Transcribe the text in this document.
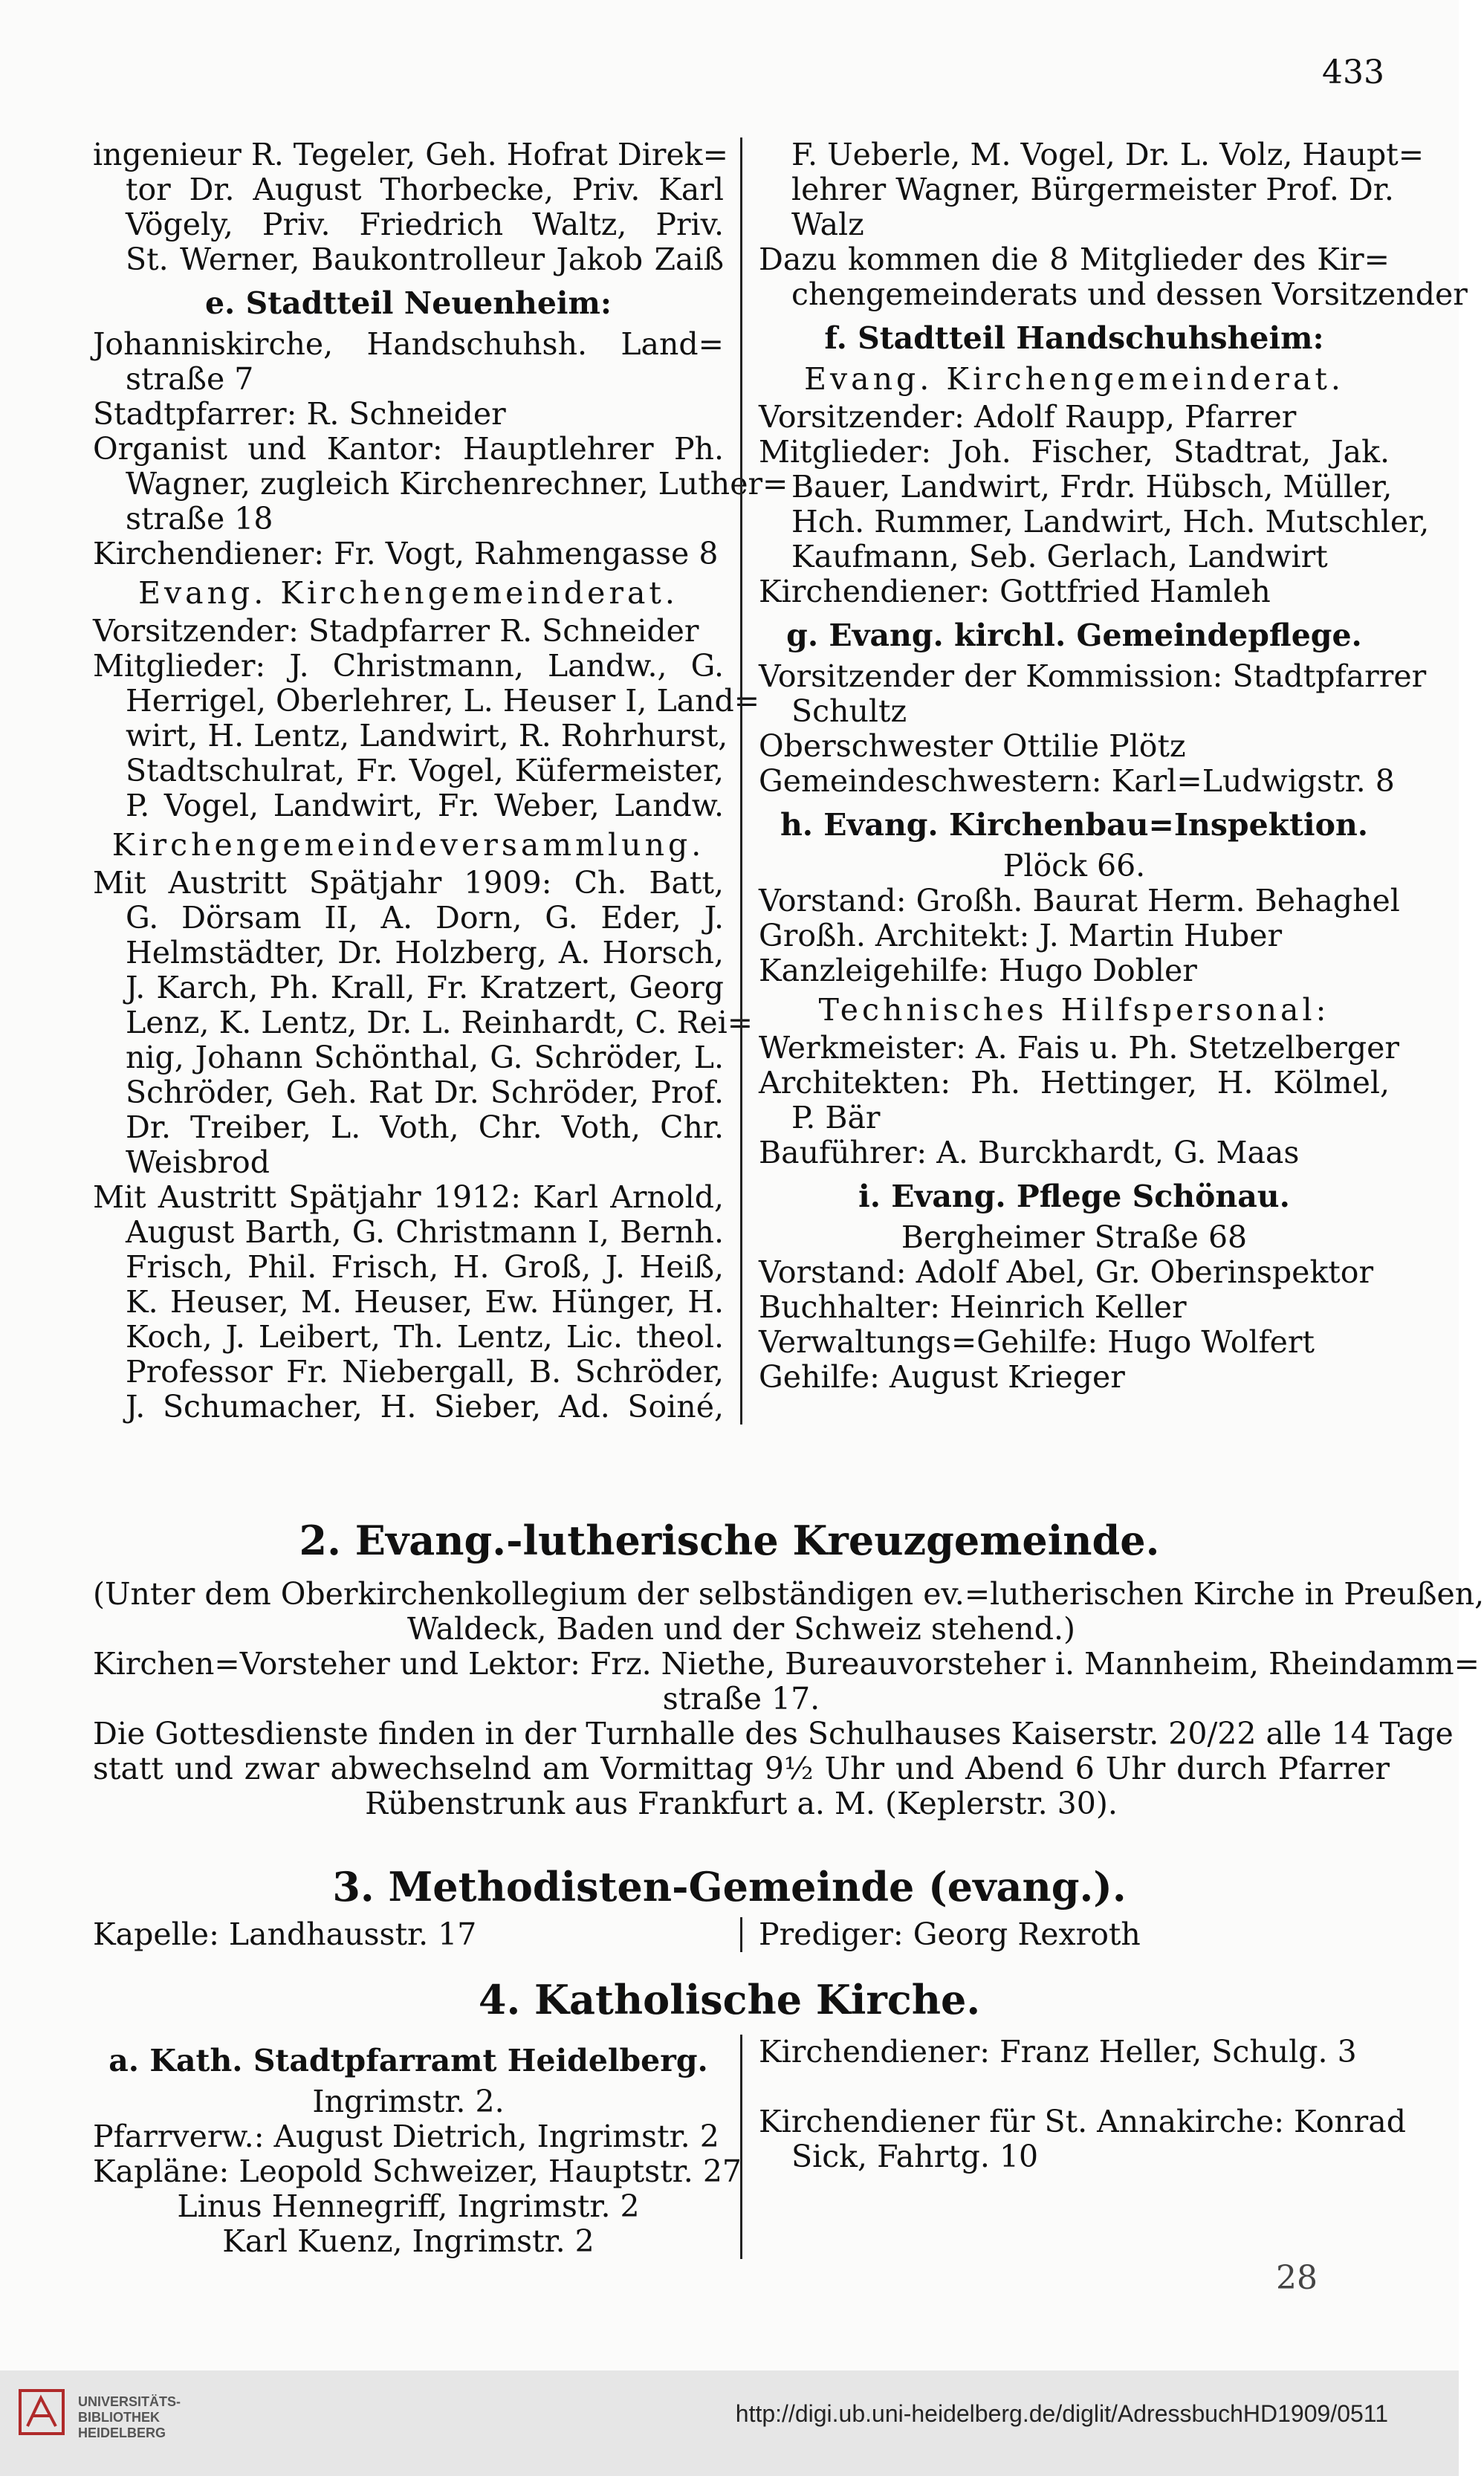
433
ingenieur R. Tegeler, Geh. Hofrat Direk=
tor Dr. August Thorbecke, Priv. Karl
Vögely, Priv. Friedrich Waltz, Priv.
St. Werner, Baukontrolleur Jakob Zaiß
e. Stadtteil Neuenheim:
Johanniskirche, Handschuhsh. Land=
straße 7
Stadtpfarrer: R. Schneider
Organist und Kantor: Hauptlehrer Ph.
Wagner, zugleich Kirchenrechner, Luther=
straße 18
Kirchendiener: Fr. Vogt, Rahmengasse 8
Evang. Kirchengemeinderat.
Vorsitzender: Stadpfarrer R. Schneider
Mitglieder: J. Christmann, Landw., G.
Herrigel, Oberlehrer, L. Heuser I, Land=
wirt, H. Lentz, Landwirt, R. Rohrhurst,
Stadtschulrat, Fr. Vogel, Küfermeister,
P. Vogel, Landwirt, Fr. Weber, Landw.
Kirchengemeindeversammlung.
Mit Austritt Spätjahr 1909: Ch. Batt,
G. Dörsam II, A. Dorn, G. Eder, J.
Helmstädter, Dr. Holzberg, A. Horsch,
J. Karch, Ph. Krall, Fr. Kratzert, Georg
Lenz, K. Lentz, Dr. L. Reinhardt, C. Rei=
nig, Johann Schönthal, G. Schröder, L.
Schröder, Geh. Rat Dr. Schröder, Prof.
Dr. Treiber, L. Voth, Chr. Voth, Chr.
Weisbrod
Mit Austritt Spätjahr 1912: Karl Arnold,
August Barth, G. Christmann I, Bernh.
Frisch, Phil. Frisch, H. Groß, J. Heiß,
K. Heuser, M. Heuser, Ew. Hünger, H.
Koch, J. Leibert, Th. Lentz, Lic. theol.
Professor Fr. Niebergall, B. Schröder,
J. Schumacher, H. Sieber, Ad. Soiné,
F. Ueberle, M. Vogel, Dr. L. Volz, Haupt=
lehrer Wagner, Bürgermeister Prof. Dr.
Walz
Dazu kommen die 8 Mitglieder des Kir=
chengemeinderats und dessen Vorsitzender
f. Stadtteil Handschuhsheim:
Evang. Kirchengemeinderat.
Vorsitzender: Adolf Raupp, Pfarrer
Mitglieder: Joh. Fischer, Stadtrat, Jak.
Bauer, Landwirt, Frdr. Hübsch, Müller,
Hch. Rummer, Landwirt, Hch. Mutschler,
Kaufmann, Seb. Gerlach, Landwirt
Kirchendiener: Gottfried Hamleh
g. Evang. kirchl. Gemeindepflege.
Vorsitzender der Kommission: Stadtpfarrer
Schultz
Oberschwester Ottilie Plötz
Gemeindeschwestern: Karl=Ludwigstr. 8
h. Evang. Kirchenbau=Inspektion.
Plöck 66.
Vorstand: Großh. Baurat Herm. Behaghel
Großh. Architekt: J. Martin Huber
Kanzleigehilfe: Hugo Dobler
Technisches Hilfspersonal:
Werkmeister: A. Fais u. Ph. Stetzelberger
Architekten: Ph. Hettinger, H. Kölmel,
P. Bär
Bauführer: A. Burckhardt, G. Maas
i. Evang. Pflege Schönau.
Bergheimer Straße 68
Vorstand: Adolf Abel, Gr. Oberinspektor
Buchhalter: Heinrich Keller
Verwaltungs=Gehilfe: Hugo Wolfert
Gehilfe: August Krieger
2. Evang.-lutherische Kreuzgemeinde.
(Unter dem Oberkirchenkollegium der selbständigen ev.=lutherischen Kirche in Preußen,
Waldeck, Baden und der Schweiz stehend.)
Kirchen=Vorsteher und Lektor: Frz. Niethe, Bureauvorsteher i. Mannheim, Rheindamm=
straße 17.
Die Gottesdienste finden in der Turnhalle des Schulhauses Kaiserstr. 20/22 alle 14 Tage
statt und zwar abwechselnd am Vormittag 9½ Uhr und Abend 6 Uhr durch Pfarrer
Rübenstrunk aus Frankfurt a. M. (Keplerstr. 30).
3. Methodisten-Gemeinde (evang.).
Kapelle: Landhausstr. 17	Prediger: Georg Rexroth
4. Katholische Kirche.
a. Kath. Stadtpfarramt Heidelberg.
Ingrimstr. 2.
Pfarrverw.: August Dietrich, Ingrimstr. 2
Kapläne: Leopold Schweizer, Hauptstr. 27
Linus Hennegriff, Ingrimstr. 2
Karl Kuenz, Ingrimstr. 2
Kirchendiener: Franz Heller, Schulg. 3

Kirchendiener für St. Annakirche: Konrad
Sick, Fahrtg. 10
28
UNIVERSITÄTS-
BIBLIOTHEK
HEIDELBERG
http://digi.ub.uni-heidelberg.de/diglit/AdressbuchHD1909/0511
